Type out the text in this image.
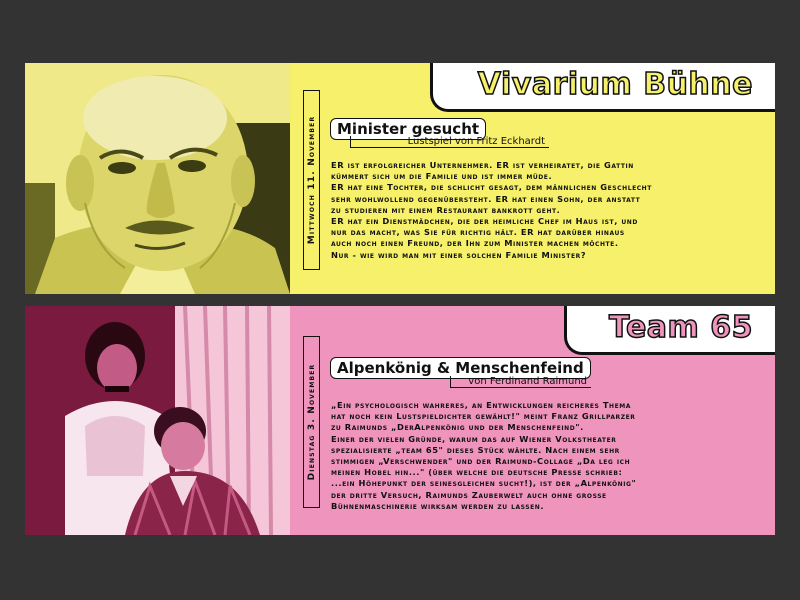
Vivarium Bühne
Mittwoch 11. November	Minister gesucht
Lustspiel von Fritz Eckhardt
ER ist erfolgreicher Unternehmer. ER ist verheiratet, die Gattin
kümmert sich um die Familie und ist immer müde.
ER hat eine Tochter, die schlicht gesagt, dem männlichen Geschlecht
sehr wohlwollend gegenübersteht. ER hat einen Sohn, der anstatt
zu studieren mit einem Restaurant bankrott geht.
ER hat ein Dienstmädchen, die der heimliche Chef im Haus ist, und
nur das macht, was Sie für richtig hält. ER hat darüber hinaus
auch noch einen Freund, der Ihn zum Minister machen möchte.
Nur - wie wird man mit einer solchen Familie Minister?
Team 65
Dienstag 3. November	Alpenkönig & Menschenfeind
von Ferdinand Raimund
„Ein psychologisch wahreres, an Entwicklungen reicheres Thema
hat noch kein Lustspieldichter gewählt!" meint Franz Grillparzer
zu Raimunds „DerAlpenkönig und der Menschenfeind".
Einer der vielen Gründe, warum das auf Wiener Volkstheater
spezialisierte „team 65" dieses Stück wählte. Nach einem sehr
stimmigen „Verschwender" und der Raimund-Collage „Da leg ich
meinen Hobel hin..." (über welche die deutsche Presse schrieb:
...ein Höhepunkt der seinesgleichen sucht!), ist der „Alpenkönig"
der dritte Versuch, Raimunds Zauberwelt auch ohne grosse
Bühnenmaschinerie wirksam werden zu lassen.
